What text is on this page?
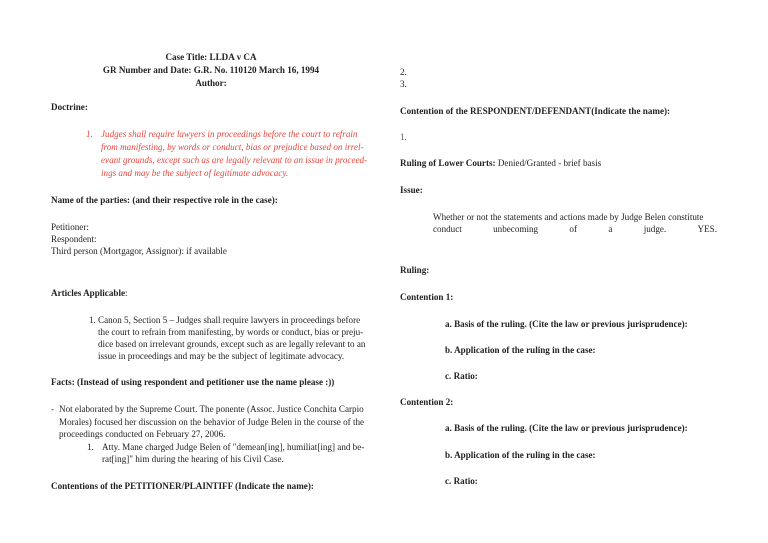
Case Title: LLDA v CA
GR Number and Date: G.R. No. 110120 March 16, 1994
Author:
Doctrine:
1. Judges shall require lawyers in proceedings before the court to refrain
from manifesting, by words or conduct, bias or prejudice based on irrel-
evant grounds, except such as are legally relevant to an issue in proceed-
ings and may be the subject of legitimate advocacy.
Name of the parties: (and their respective role in the case):
Petitioner:
Respondent:
Third person (Mortgagor, Assignor): if available
Articles Applicable:
1. Canon 5, Section 5 – Judges shall require lawyers in proceedings before
the court to refrain from manifesting, by words or conduct, bias or preju-
dice based on irrelevant grounds, except such as are legally relevant to an
issue in proceedings and may be the subject of legitimate advocacy.
Facts: (Instead of using respondent and petitioner use the name please :))
- Not elaborated by the Supreme Court. The ponente (Assoc. Justice Conchita Carpio
Morales) focused her discussion on the behavior of Judge Belen in the course of the
proceedings conducted on February 27, 2006.
1. Atty. Mane charged Judge Belen of "demean[ing], humiliat[ing] and be-
rat[ing]" him during the hearing of his Civil Case.
Contentions of the PETITIONER/PLAINTIFF (Indicate the name):
2.
3.
Contention of the RESPONDENT/DEFENDANT(Indicate the name):
1.
Ruling of Lower Courts: Denied/Granted - brief basis
Issue:
Whether or not the statements and actions made by Judge Belen constitute
conduct	unbecoming	of	a	judge.	YES.
Ruling:
Contention 1:
a. Basis of the ruling. (Cite the law or previous jurisprudence):
b. Application of the ruling in the case:
c. Ratio:
Contention 2:
a. Basis of the ruling. (Cite the law or previous jurisprudence):
b. Application of the ruling in the case:
c. Ratio:
